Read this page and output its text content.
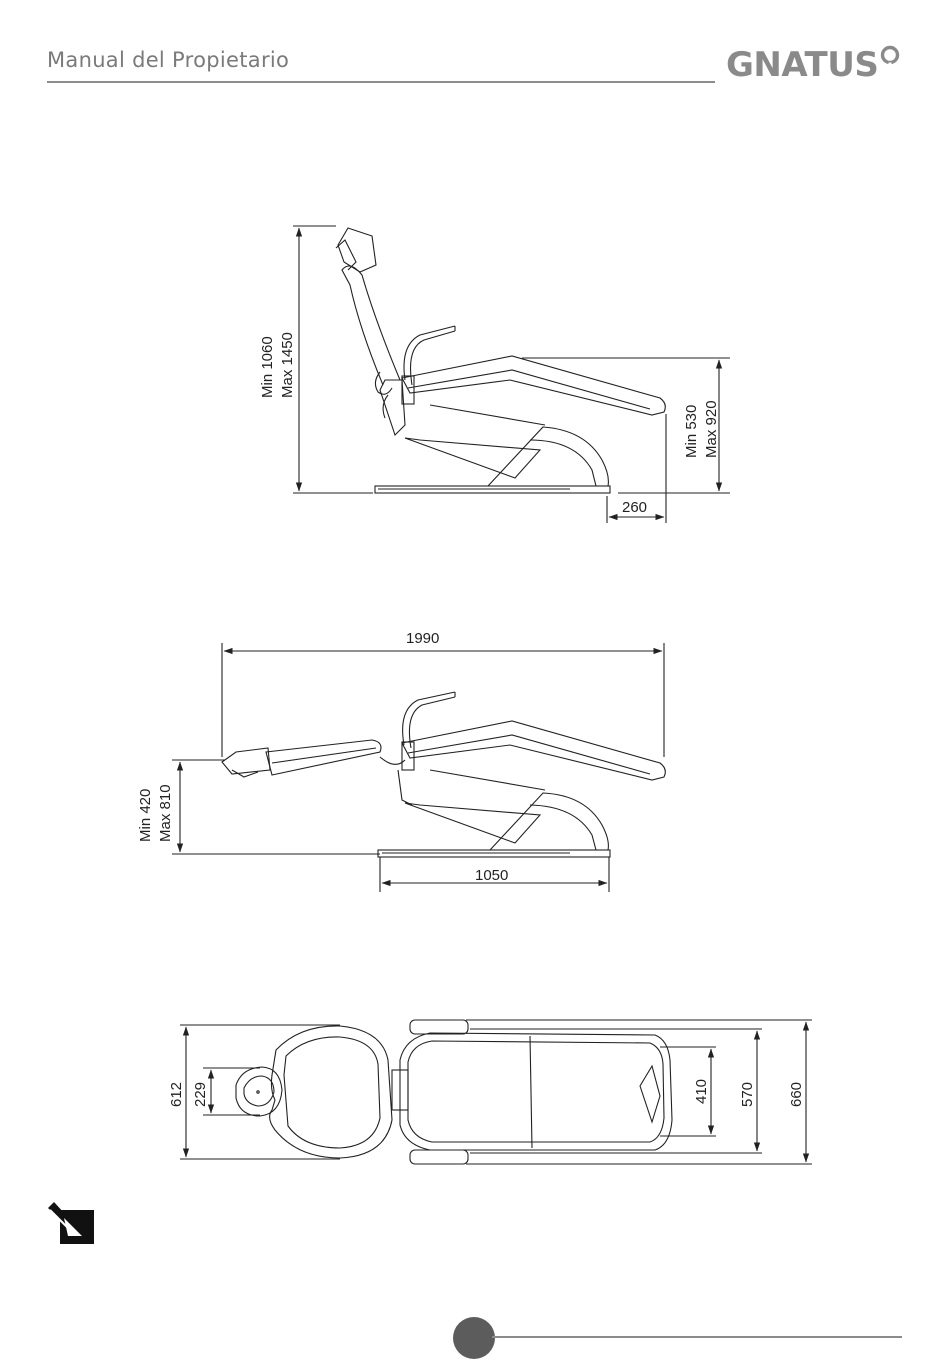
Manual del Propietario	GNATUS
Min 1060 Max 1450
Min 530 Max 920
260
1990
Min 420 Max 810
1050
612 229	410 570 660
